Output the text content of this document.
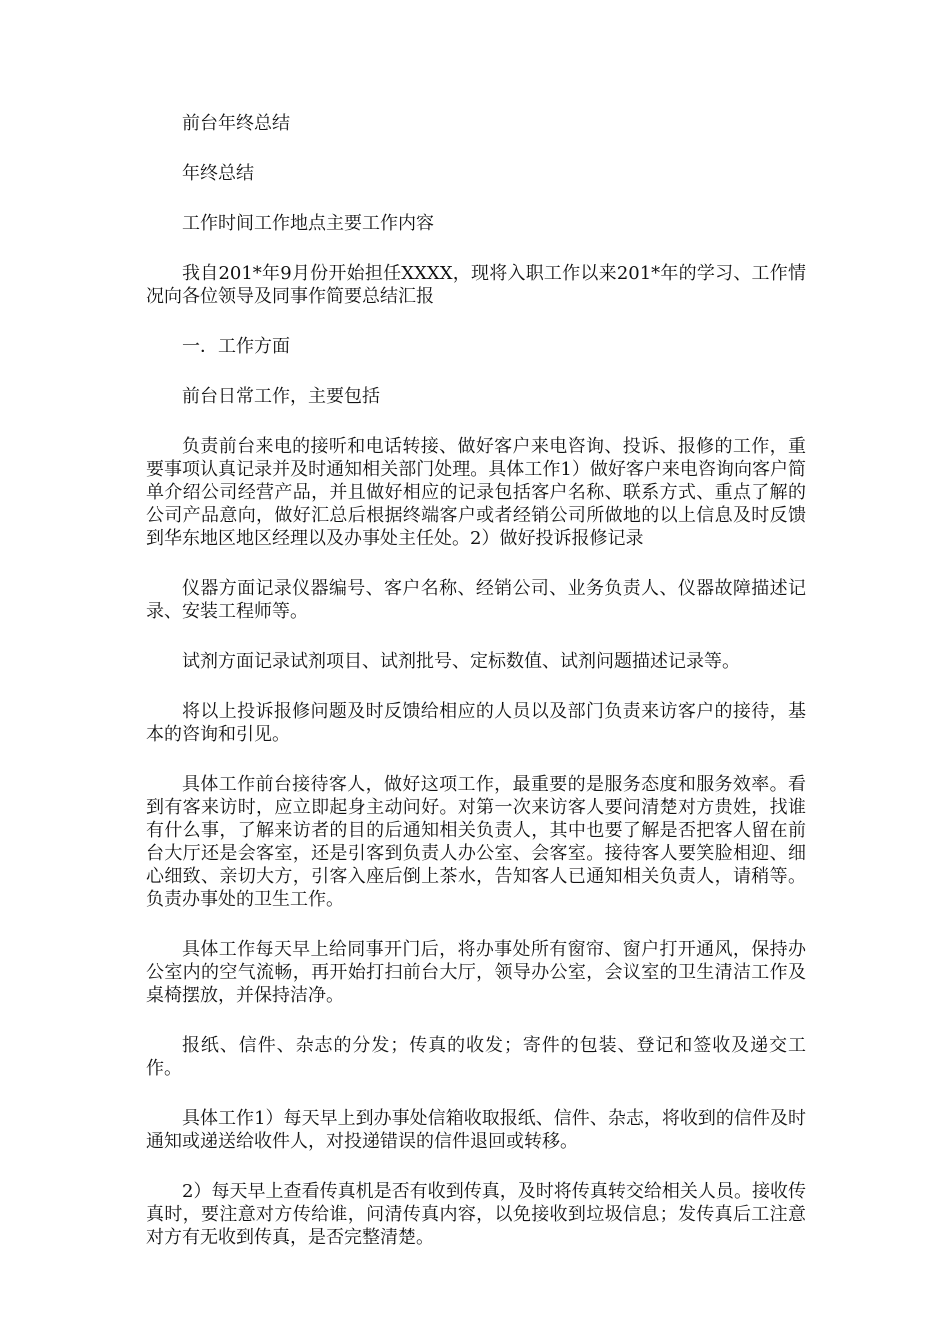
前台年终总结

年终总结

工作时间工作地点主要工作内容

我自201*年9月份开始担任XXXX，现将入职工作以来201*年的学习、工作情况向各位领导及同事作简要总结汇报

一．工作方面

前台日常工作，主要包括

负责前台来电的接听和电话转接、做好客户来电咨询、投诉、报修的工作，重要事项认真记录并及时通知相关部门处理。具体工作1）做好客户来电咨询向客户简单介绍公司经营产品，并且做好相应的记录包括客户名称、联系方式、重点了解的公司产品意向，做好汇总后根据终端客户或者经销公司所做地的以上信息及时反馈到华东地区地区经理以及办事处主任处。2）做好投诉报修记录

仪器方面记录仪器编号、客户名称、经销公司、业务负责人、仪器故障描述记录、安装工程师等。

试剂方面记录试剂项目、试剂批号、定标数值、试剂问题描述记录等。

将以上投诉报修问题及时反馈给相应的人员以及部门负责来访客户的接待，基本的咨询和引见。

具体工作前台接待客人，做好这项工作，最重要的是服务态度和服务效率。看到有客来访时，应立即起身主动问好。对第一次来访客人要问清楚对方贵姓，找谁有什么事，了解来访者的目的后通知相关负责人，其中也要了解是否把客人留在前台大厅还是会客室，还是引客到负责人办公室、会客室。接待客人要笑脸相迎、细心细致、亲切大方，引客入座后倒上茶水，告知客人已通知相关负责人，请稍等。负责办事处的卫生工作。

具体工作每天早上给同事开门后，将办事处所有窗帘、窗户打开通风，保持办公室内的空气流畅，再开始打扫前台大厅，领导办公室，会议室的卫生清洁工作及桌椅摆放，并保持洁净。

报纸、信件、杂志的分发；传真的收发；寄件的包装、登记和签收及递交工作。

具体工作1）每天早上到办事处信箱收取报纸、信件、杂志，将收到的信件及时通知或递送给收件人，对投递错误的信件退回或转移。

2）每天早上查看传真机是否有收到传真，及时将传真转交给相关人员。接收传真时，要注意对方传给谁，问清传真内容，以免接收到垃圾信息；发传真后工注意对方有无收到传真，是否完整清楚。
